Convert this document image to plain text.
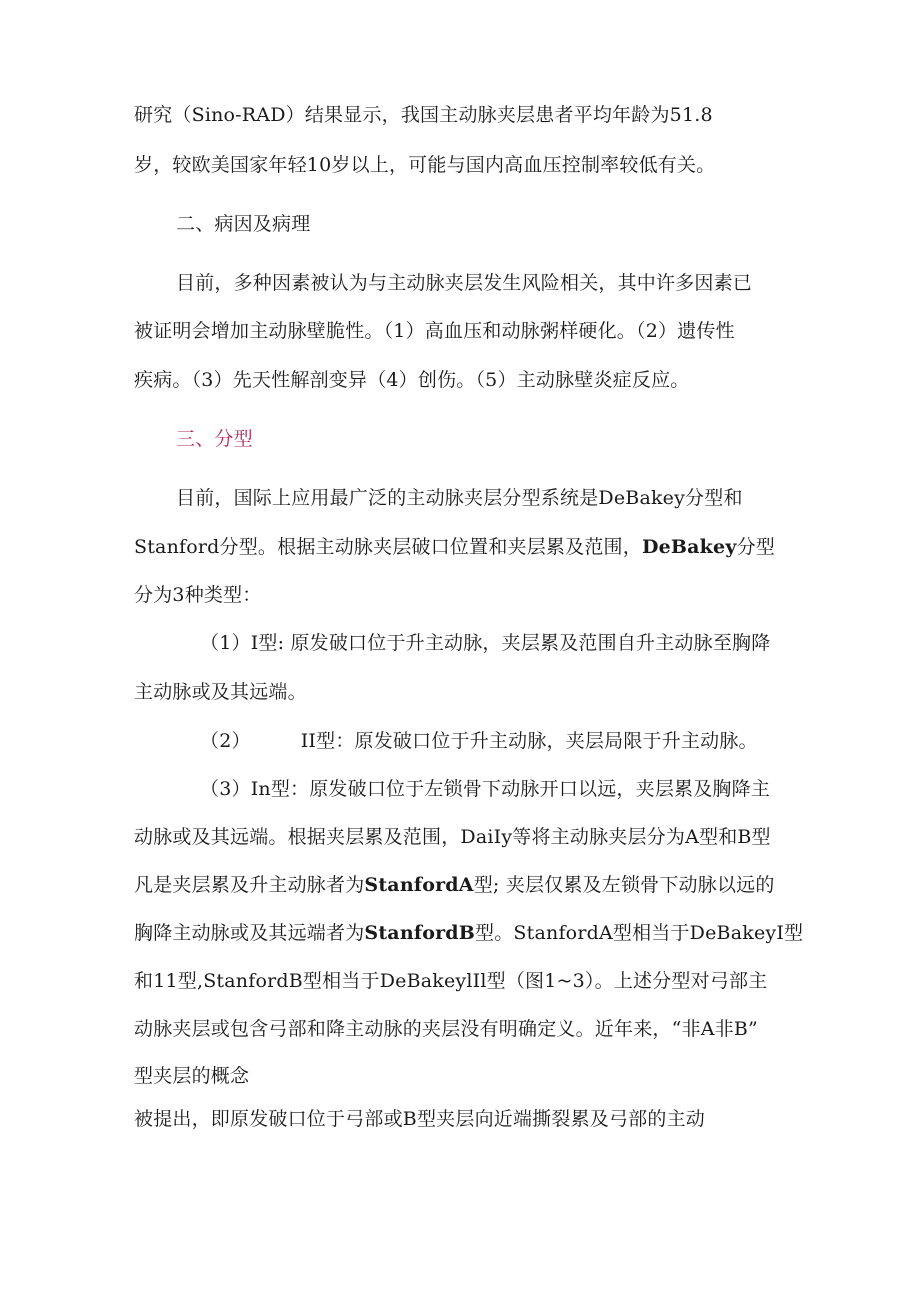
研究（Sino-RAD）结果显示，我国主动脉夹层患者平均年龄为51.8
岁，较欧美国家年轻10岁以上，可能与国内高血压控制率较低有关。
二、病因及病理
目前，多种因素被认为与主动脉夹层发生风险相关，其中许多因素已
被证明会增加主动脉壁脆性。（1）高血压和动脉粥样硬化。（2）遗传性
疾病。（3）先天性解剖变异（4）创伤。（5）主动脉壁炎症反应。
三、分型
目前，国际上应用最广泛的主动脉夹层分型系统是DeBakey分型和
Stanford分型。根据主动脉夹层破口位置和夹层累及范围，DeBakey分型
分为3种类型：
（1）I型: 原发破口位于升主动脉，夹层累及范围自升主动脉至胸降
主动脉或及其远端。
（2）	II型：原发破口位于升主动脉，夹层局限于升主动脉。
（3）In型：原发破口位于左锁骨下动脉开口以远，夹层累及胸降主
动脉或及其远端。根据夹层累及范围，DaiIy等将主动脉夹层分为A型和B型
凡是夹层累及升主动脉者为StanfordA型; 夹层仅累及左锁骨下动脉以远的
胸降主动脉或及其远端者为StanfordB型。StanfordA型相当于DeBakeyI型
和11型,StanfordB型相当于DeBakeylIl型（图1~3）。上述分型对弓部主
动脉夹层或包含弓部和降主动脉的夹层没有明确定义。近年来，“非A非B”
型夹层的概念
被提出，即原发破口位于弓部或B型夹层向近端撕裂累及弓部的主动
